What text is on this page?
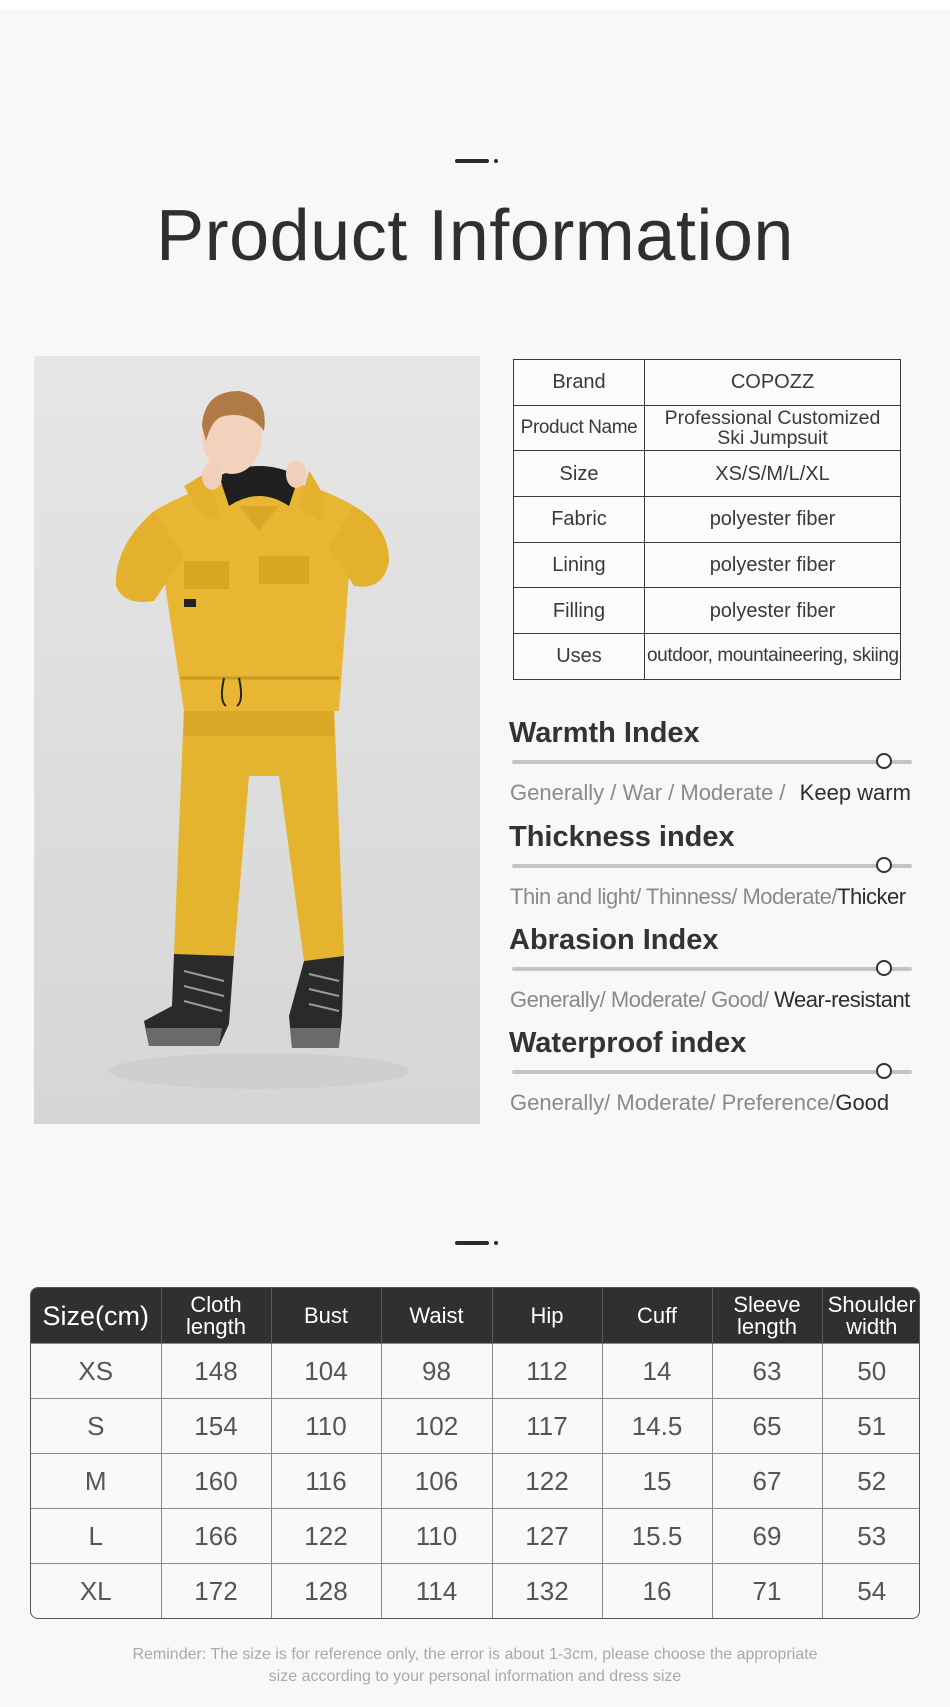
Product Information
Brand	COPOZZ
Product Name	Professional Customized Ski Jumpsuit
Size	XS/S/M/L/XL
Fabric	polyester fiber
Lining	polyester fiber
Filling	polyester fiber
Uses	outdoor, mountaineering, skiing
Warmth Index
Generally / War / Moderate / Keep warm
Thickness index
Thin and light/ Thinness/ Moderate/Thicker
Abrasion Index
Generally/ Moderate/ Good/ Wear-resistant
Waterproof index
Generally/ Moderate/ Preference/Good
Size(cm)	Cloth length	Bust	Waist	Hip	Cuff	Sleeve length	Shoulder width
XS	148	104	98	112	14	63	50
S	154	110	102	117	14.5	65	51
M	160	116	106	122	15	67	52
L	166	122	110	127	15.5	69	53
XL	172	128	114	132	16	71	54
Reminder: The size is for reference only, the error is about 1-3cm, please choose the appropriate
size according to your personal information and dress size
